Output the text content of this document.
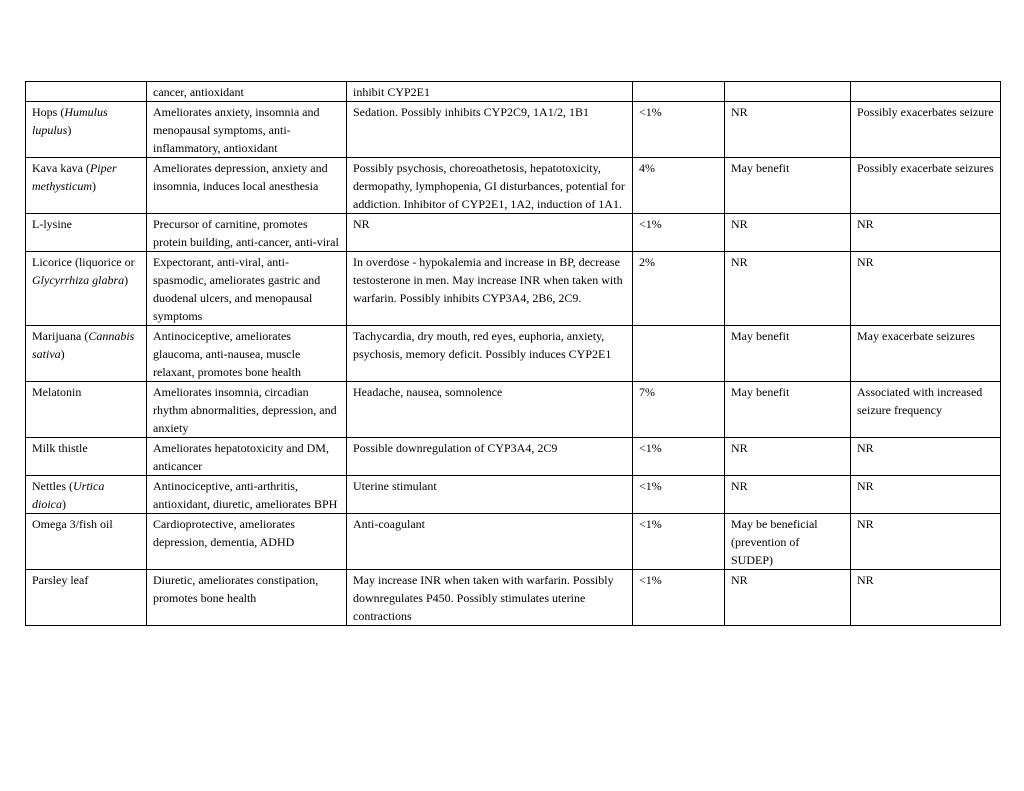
	cancer, antioxidant	inhibit CYP2E1			
Hops (Humulus lupulus)	Ameliorates anxiety, insomnia and menopausal symptoms, anti-inflammatory, antioxidant	Sedation. Possibly inhibits CYP2C9, 1A1/2, 1B1	<1%	NR	Possibly exacerbates seizure
Kava kava (Piper methysticum)	Ameliorates depression, anxiety and insomnia, induces local anesthesia	Possibly psychosis, choreoathetosis, hepatotoxicity, dermopathy, lymphopenia, GI disturbances, potential for addiction. Inhibitor of CYP2E1, 1A2, induction of 1A1.	4%	May benefit	Possibly exacerbate seizures
L-lysine	Precursor of carnitine, promotes protein building, anti-cancer, anti-viral	NR	<1%	NR	NR
Licorice (liquorice or Glycyrrhiza glabra)	Expectorant, anti-viral, anti-spasmodic, ameliorates gastric and duodenal ulcers, and menopausal symptoms	In overdose - hypokalemia and increase in BP, decrease testosterone in men. May increase INR when taken with warfarin. Possibly inhibits CYP3A4, 2B6, 2C9.	2%	NR	NR
Marijuana (Cannabis sativa)	Antinociceptive, ameliorates glaucoma, anti-nausea, muscle relaxant, promotes bone health	Tachycardia, dry mouth, red eyes, euphoria, anxiety, psychosis, memory deficit. Possibly induces CYP2E1		May benefit	May exacerbate seizures
Melatonin	Ameliorates insomnia, circadian rhythm abnormalities, depression, and anxiety	Headache, nausea, somnolence	7%	May benefit	Associated with increased seizure frequency
Milk thistle	Ameliorates hepatotoxicity and DM, anticancer	Possible downregulation of CYP3A4, 2C9	<1%	NR	NR
Nettles (Urtica dioica)	Antinociceptive, anti-arthritis, antioxidant, diuretic, ameliorates BPH	Uterine stimulant	<1%	NR	NR
Omega 3/fish oil	Cardioprotective, ameliorates depression, dementia, ADHD	Anti-coagulant	<1%	May be beneficial (prevention of SUDEP)	NR
Parsley leaf	Diuretic, ameliorates constipation, promotes bone health	May increase INR when taken with warfarin. Possibly downregulates P450. Possibly stimulates uterine contractions	<1%	NR	NR
